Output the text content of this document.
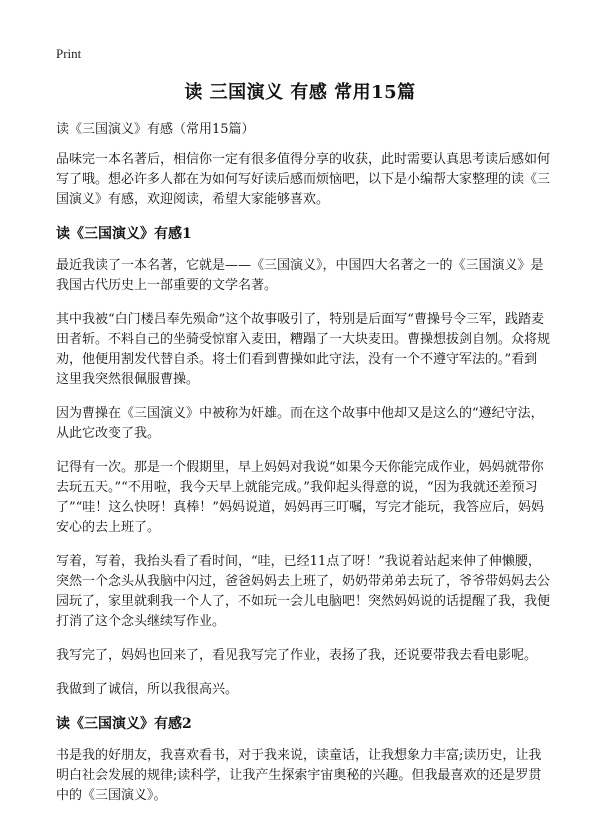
Print
读 三国演义 有感 常用15篇

读《三国演义》有感（常用15篇）

品味完一本名著后，相信你一定有很多值得分享的收获，此时需要认真思考读后感如何写了哦。想必许多人都在为如何写好读后感而烦恼吧，以下是小编帮大家整理的读《三国演义》有感，欢迎阅读，希望大家能够喜欢。

读《三国演义》有感1

最近我读了一本名著，它就是——《三国演义》，中国四大名著之一的《三国演义》是我国古代历史上一部重要的文学名著。

其中我被“白门楼吕奉先殒命”这个故事吸引了，特别是后面写“曹操号令三军，践踏麦田者斩。不料自己的坐骑受惊窜入麦田，糟蹋了一大块麦田。曹操想拔剑自刎。众将规劝，他便用割发代替自杀。将士们看到曹操如此守法，没有一个不遵守军法的。”看到这里我突然很佩服曹操。

因为曹操在《三国演义》中被称为奸雄。而在这个故事中他却又是这么的“遵纪守法，从此它改变了我。

记得有一次。那是一个假期里，早上妈妈对我说“如果今天你能完成作业，妈妈就带你去玩五天。”“不用啦，我今天早上就能完成。”我仰起头得意的说，“因为我就还差预习了”“哇！这么快呀！真棒！”妈妈说道，妈妈再三叮嘱，写完才能玩，我答应后，妈妈安心的去上班了。

写着，写着，我抬头看了看时间，“哇，已经11点了呀！”我说着站起来伸了伸懒腰，突然一个念头从我脑中闪过，爸爸妈妈去上班了，奶奶带弟弟去玩了，爷爷带妈妈去公园玩了，家里就剩我一个人了，不如玩一会儿电脑吧！突然妈妈说的话提醒了我，我便打消了这个念头继续写作业。

我写完了，妈妈也回来了，看见我写完了作业，表扬了我，还说要带我去看电影呢。

我做到了诚信，所以我很高兴。

读《三国演义》有感2

书是我的好朋友，我喜欢看书，对于我来说，读童话，让我想象力丰富;读历史，让我明白社会发展的规律;读科学，让我产生探索宇宙奥秘的兴趣。但我最喜欢的还是罗贯中的《三国演义》。
